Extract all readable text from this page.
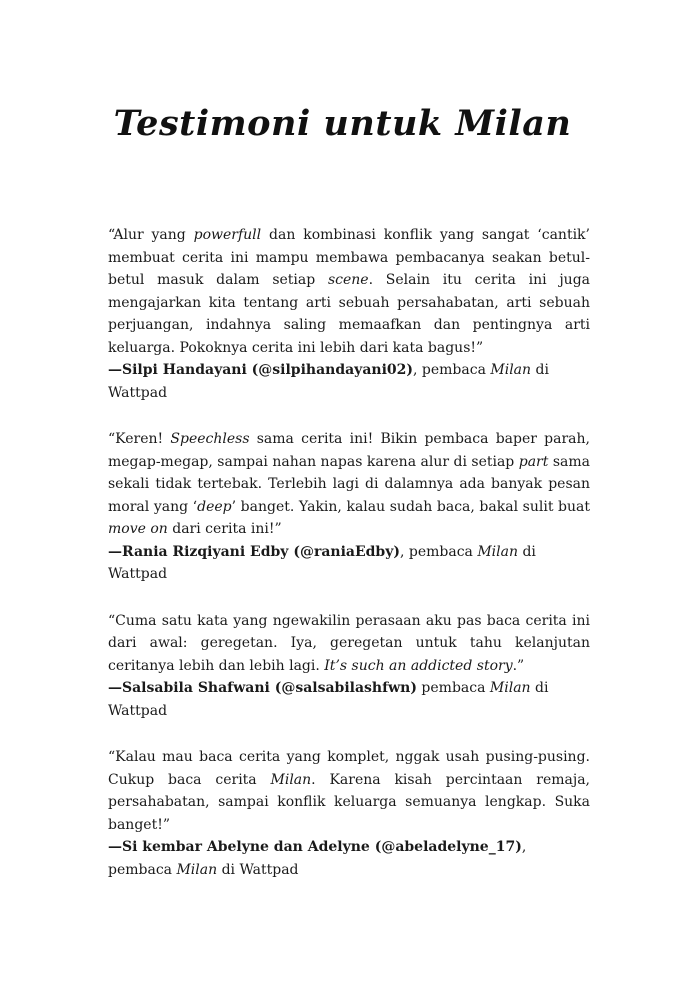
Testimoni untuk Milan

“Alur yang powerfull dan kombinasi konflik yang sangat ‘cantik’ membuat cerita ini mampu membawa pembacanya seakan betul-betul masuk dalam setiap scene. Selain itu cerita ini juga mengajarkan kita tentang arti sebuah persahabatan, arti sebuah perjuangan, indahnya saling memaafkan dan pentingnya arti keluarga. Pokoknya cerita ini lebih dari kata bagus!”

—Silpi Handayani (@silpihandayani02), pembaca Milan di Wattpad

“Keren! Speechless sama cerita ini! Bikin pembaca baper parah, megap-megap, sampai nahan napas karena alur di setiap part sama sekali tidak tertebak. Terlebih lagi di dalamnya ada banyak pesan moral yang ‘deep’ banget. Yakin, kalau sudah baca, bakal sulit buat move on dari cerita ini!”

—Rania Rizqiyani Edby (@raniaEdby), pembaca Milan di Wattpad

“Cuma satu kata yang ngewakilin perasaan aku pas baca cerita ini dari awal: geregetan. Iya, geregetan untuk tahu kelanjutan ceritanya lebih dan lebih lagi. It’s such an addicted story.”

—Salsabila Shafwani (@salsabilashfwn) pembaca Milan di Wattpad

“Kalau mau baca cerita yang komplet, nggak usah pusing-pusing. Cukup baca cerita Milan. Karena kisah percintaan remaja, persahabatan, sampai konflik keluarga semuanya lengkap. Suka banget!”

—Si kembar Abelyne dan Adelyne (@abeladelyne_17), pembaca Milan di Wattpad
